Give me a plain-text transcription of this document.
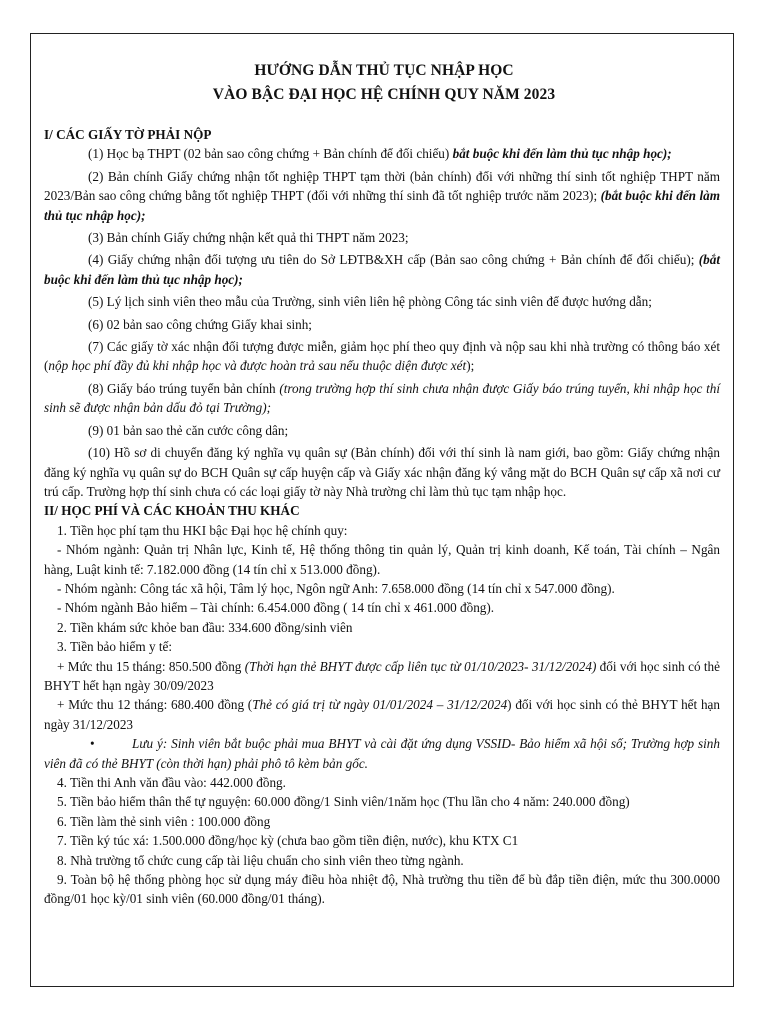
HƯỚNG DẪN THỦ TỤC NHẬP HỌC
VÀO BẬC ĐẠI HỌC HỆ CHÍNH QUY NĂM 2023

I/ CÁC GIẤY TỜ PHẢI NỘP

(1) Học bạ THPT (02 bản sao công chứng + Bản chính để đối chiếu) bắt buộc khi đến làm thủ tục nhập học);

(2) Bản chính Giấy chứng nhận tốt nghiệp THPT tạm thời (bản chính) đối với những thí sinh tốt nghiệp THPT năm 2023/Bản sao công chứng bằng tốt nghiệp THPT (đối với những thí sinh đã tốt nghiệp trước năm 2023); (bắt buộc khi đến làm thủ tục nhập học);

(3) Bản chính Giấy chứng nhận kết quả thi THPT năm 2023;

(4) Giấy chứng nhận đối tượng ưu tiên do Sở LĐTB&XH cấp (Bản sao công chứng + Bản chính để đối chiếu); (bắt buộc khi đến làm thủ tục nhập học);

(5) Lý lịch sinh viên theo mẫu của Trường, sinh viên liên hệ phòng Công tác sinh viên để được hướng dẫn;

(6) 02 bản sao công chứng Giấy khai sinh;

(7) Các giấy tờ xác nhận đối tượng được miễn, giảm học phí theo quy định và nộp sau khi nhà trường có thông báo xét (nộp học phí đầy đủ khi nhập học và được hoàn trả sau nếu thuộc diện được xét);

(8) Giấy báo trúng tuyển bản chính (trong trường hợp thí sinh chưa nhận được Giấy báo trúng tuyển, khi nhập học thí sinh sẽ được nhận bản dấu đỏ tại Trường);

(9) 01 bản sao thẻ căn cước công dân;

(10) Hồ sơ di chuyển đăng ký nghĩa vụ quân sự (Bản chính) đối với thí sinh là nam giới, bao gồm: Giấy chứng nhận đăng ký nghĩa vụ quân sự do BCH Quân sự cấp huyện cấp và Giấy xác nhận đăng ký vắng mặt do BCH Quân sự cấp xã nơi cư trú cấp. Trường hợp thí sinh chưa có các loại giấy tờ này Nhà trường chỉ làm thủ tục tạm nhập học.

II/ HỌC PHÍ VÀ CÁC KHOẢN THU KHÁC

1. Tiền học phí tạm thu HKI bậc Đại học hệ chính quy:

- Nhóm ngành: Quản trị Nhân lực, Kinh tế, Hệ thống thông tin quản lý, Quản trị kinh doanh, Kế toán, Tài chính – Ngân hàng, Luật kinh tế: 7.182.000 đồng (14 tín chỉ x 513.000 đồng).

- Nhóm ngành: Công tác xã hội, Tâm lý học, Ngôn ngữ Anh: 7.658.000 đồng (14 tín chỉ x 547.000 đồng).

- Nhóm ngành Bảo hiểm – Tài chính: 6.454.000 đồng ( 14 tín chỉ x 461.000 đồng).

2. Tiền khám sức khỏe ban đầu: 334.600 đồng/sinh viên

3. Tiền bảo hiểm y tế:

+ Mức thu 15 tháng: 850.500 đồng (Thời hạn thẻ BHYT được cấp liên tục từ 01/10/2023- 31/12/2024) đối với học sinh có thẻ BHYT hết hạn ngày 30/09/2023

+ Mức thu 12 tháng: 680.400 đồng (Thẻ có giá trị từ ngày 01/01/2024 – 31/12/2024) đối với học sinh có thẻ BHYT hết hạn ngày 31/12/2023

•	Lưu ý: Sinh viên bắt buộc phải mua BHYT và cài đặt ứng dụng VSSID- Bảo hiểm xã hội số; Trường hợp sinh viên đã có thẻ BHYT (còn thời hạn) phải phô tô kèm bản gốc.

4. Tiền thi Anh văn đầu vào: 442.000 đồng.

5. Tiền bảo hiểm thân thể tự nguyện: 60.000 đồng/1 Sinh viên/1năm học (Thu lần cho 4 năm: 240.000 đồng)

6. Tiền làm thẻ sinh viên : 100.000 đồng

7. Tiền ký túc xá: 1.500.000 đồng/học kỳ (chưa bao gồm tiền điện, nước), khu KTX C1

8. Nhà trường tổ chức cung cấp tài liệu chuẩn cho sinh viên theo từng ngành.

9. Toàn bộ hệ thống phòng học sử dụng máy điều hòa nhiệt độ, Nhà trường thu tiền để bù đắp tiền điện, mức thu 300.0000 đồng/01 học kỳ/01 sinh viên (60.000 đồng/01 tháng).
